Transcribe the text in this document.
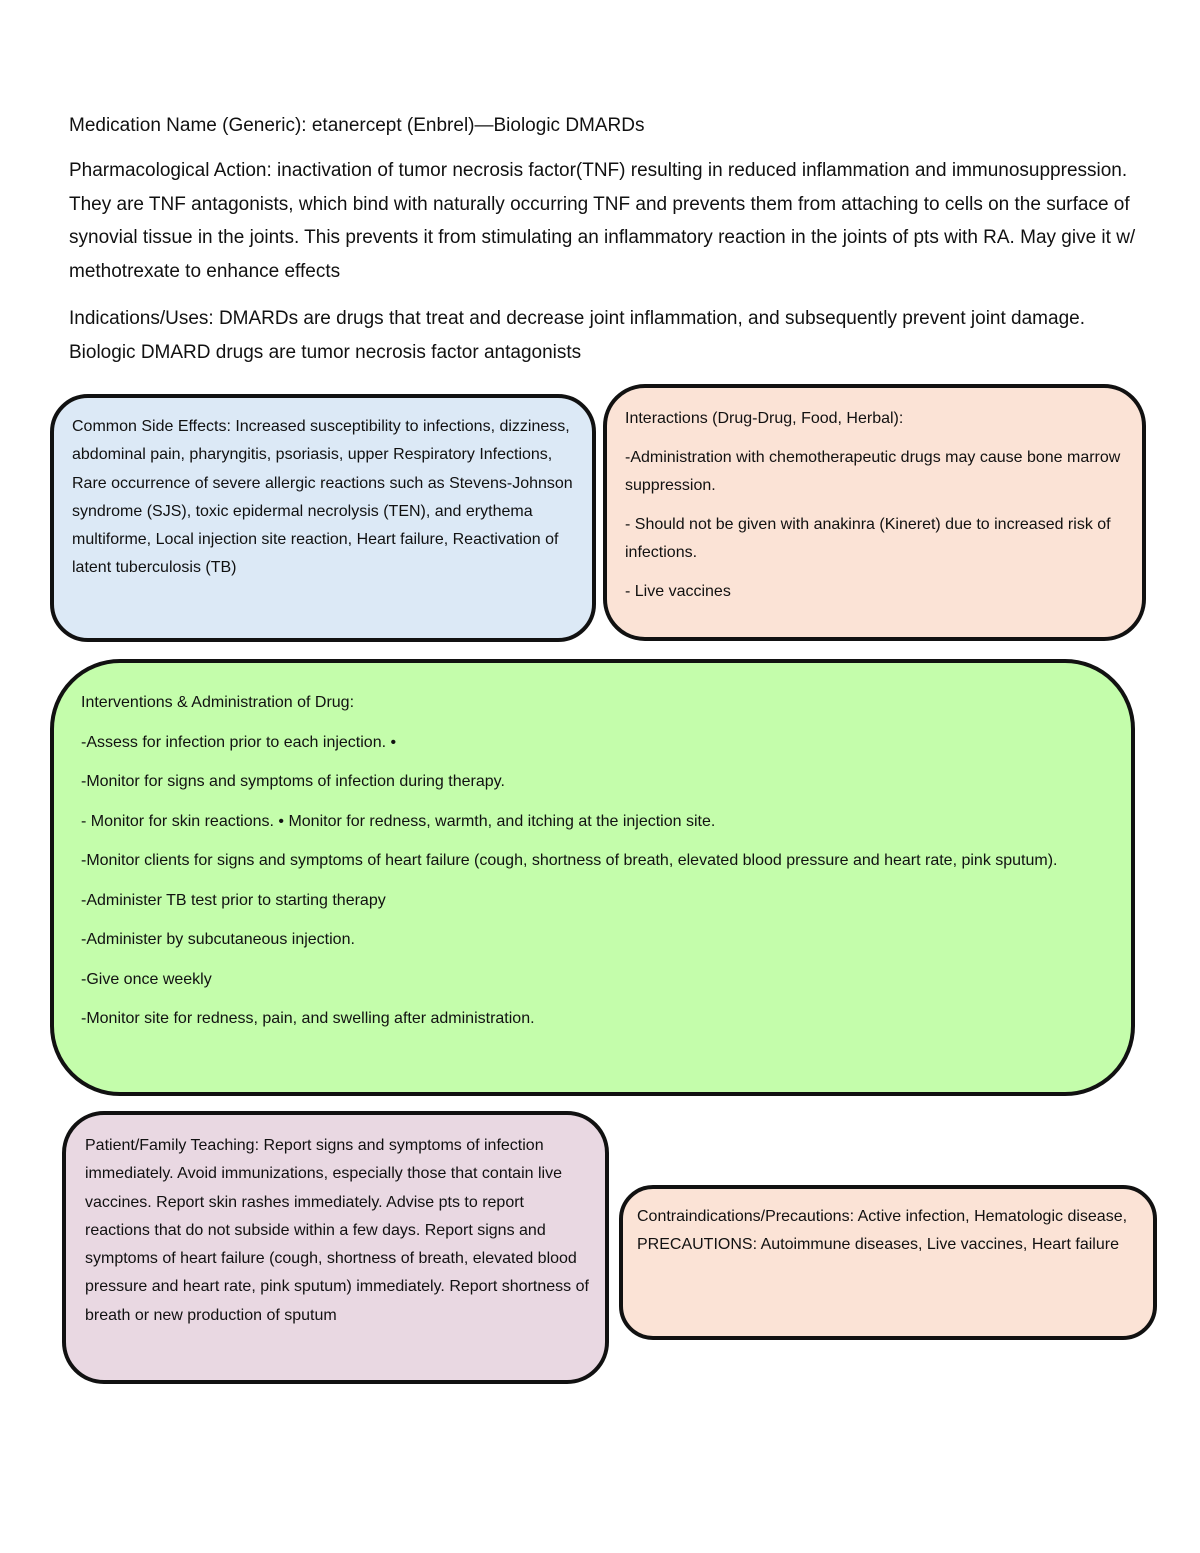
Medication Name (Generic): etanercept (Enbrel)—Biologic DMARDs

Pharmacological Action: inactivation of tumor necrosis factor(TNF) resulting in reduced inflammation and immunosuppression. They are TNF antagonists, which bind with naturally occurring TNF and prevents them from attaching to cells on the surface of synovial tissue in the joints. This prevents it from stimulating an inflammatory reaction in the joints of pts with RA. May give it w/ methotrexate to enhance effects

Indications/Uses: DMARDs are drugs that treat and decrease joint inflammation, and subsequently prevent joint damage. Biologic DMARD drugs are tumor necrosis factor antagonists

Common Side Effects: Increased susceptibility to infections, dizziness, abdominal pain, pharyngitis, psoriasis, upper Respiratory Infections, Rare occurrence of severe allergic reactions such as Stevens-Johnson syndrome (SJS), toxic epidermal necrolysis (TEN), and erythema multiforme, Local injection site reaction, Heart failure, Reactivation of latent tuberculosis (TB)

Interactions (Drug-Drug, Food, Herbal):

-Administration with chemotherapeutic drugs may cause bone marrow suppression.

- Should not be given with anakinra (Kineret) due to increased risk of infections.

- Live vaccines

Interventions & Administration of Drug:

-Assess for infection prior to each injection. •

-Monitor for signs and symptoms of infection during therapy.

- Monitor for skin reactions. • Monitor for redness, warmth, and itching at the injection site.

-Monitor clients for signs and symptoms of heart failure (cough, shortness of breath, elevated blood pressure and heart rate, pink sputum).

-Administer TB test prior to starting therapy

-Administer by subcutaneous injection.

-Give once weekly

-Monitor site for redness, pain, and swelling after administration.

Patient/Family Teaching: Report signs and symptoms of infection immediately. Avoid immunizations, especially those that contain live vaccines. Report skin rashes immediately. Advise pts to report reactions that do not subside within a few days. Report signs and symptoms of heart failure (cough, shortness of breath, elevated blood pressure and heart rate, pink sputum) immediately. Report shortness of breath or new production of sputum

Contraindications/Precautions: Active infection, Hematologic disease, PRECAUTIONS: Autoimmune diseases, Live vaccines, Heart failure
